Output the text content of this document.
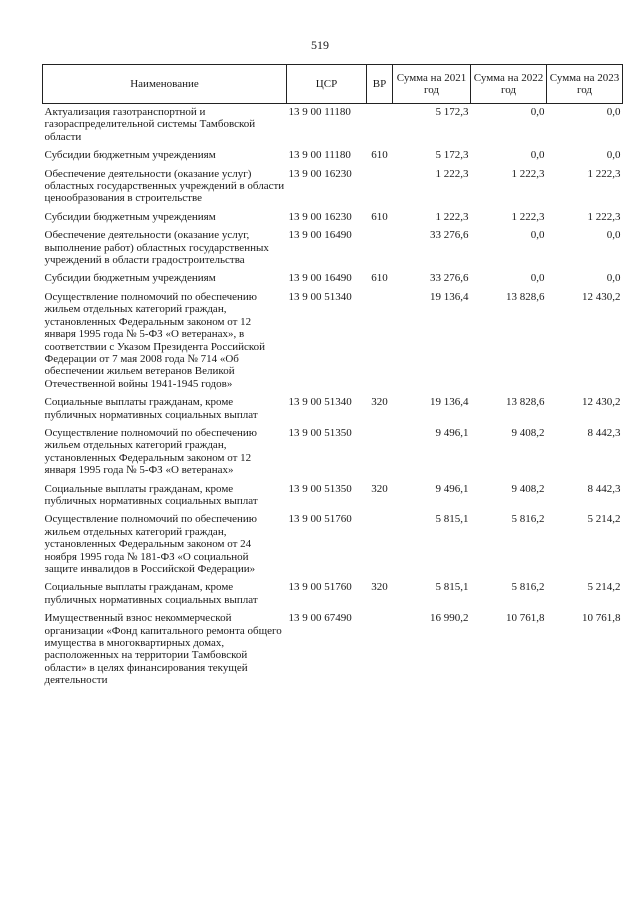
519
Наименование	ЦСР	ВР	Сумма на 2021 год	Сумма на 2022 год	Сумма на 2023 год
Актуализация газотранспортной и газораспределительной системы Тамбовской области	13 9 00 11180		5 172,3	0,0	0,0
Субсидии бюджетным учреждениям	13 9 00 11180	610	5 172,3	0,0	0,0
Обеспечение деятельности (оказание услуг) областных государственных учреждений в области ценообразования в строительстве	13 9 00 16230		1 222,3	1 222,3	1 222,3
Субсидии бюджетным учреждениям	13 9 00 16230	610	1 222,3	1 222,3	1 222,3
Обеспечение деятельности (оказание услуг, выполнение работ) областных государственных учреждений в области градостроительства	13 9 00 16490		33 276,6	0,0	0,0
Субсидии бюджетным учреждениям	13 9 00 16490	610	33 276,6	0,0	0,0
Осуществление полномочий по обеспечению жильем отдельных категорий граждан, установленных Федеральным законом от 12 января 1995 года № 5-ФЗ «О ветеранах», в соответствии с Указом Президента Российской Федерации от 7 мая 2008 года № 714 «Об обеспечении жильем ветеранов Великой Отечественной войны 1941-1945 годов»	13 9 00 51340		19 136,4	13 828,6	12 430,2
Социальные выплаты гражданам, кроме публичных нормативных социальных выплат	13 9 00 51340	320	19 136,4	13 828,6	12 430,2
Осуществление полномочий по обеспечению жильем отдельных категорий граждан, установленных Федеральным законом от 12 января 1995 года № 5-ФЗ «О ветеранах»	13 9 00 51350		9 496,1	9 408,2	8 442,3
Социальные выплаты гражданам, кроме публичных нормативных социальных выплат	13 9 00 51350	320	9 496,1	9 408,2	8 442,3
Осуществление полномочий по обеспечению жильем отдельных категорий граждан, установленных Федеральным законом от 24 ноября 1995 года № 181-ФЗ «О социальной защите инвалидов в Российской Федерации»	13 9 00 51760		5 815,1	5 816,2	5 214,2
Социальные выплаты гражданам, кроме публичных нормативных социальных выплат	13 9 00 51760	320	5 815,1	5 816,2	5 214,2
Имущественный взнос некоммерческой организации «Фонд капитального ремонта общего имущества в многоквартирных домах, расположенных на территории Тамбовской области» в целях финансирования текущей деятельности	13 9 00 67490		16 990,2	10 761,8	10 761,8
